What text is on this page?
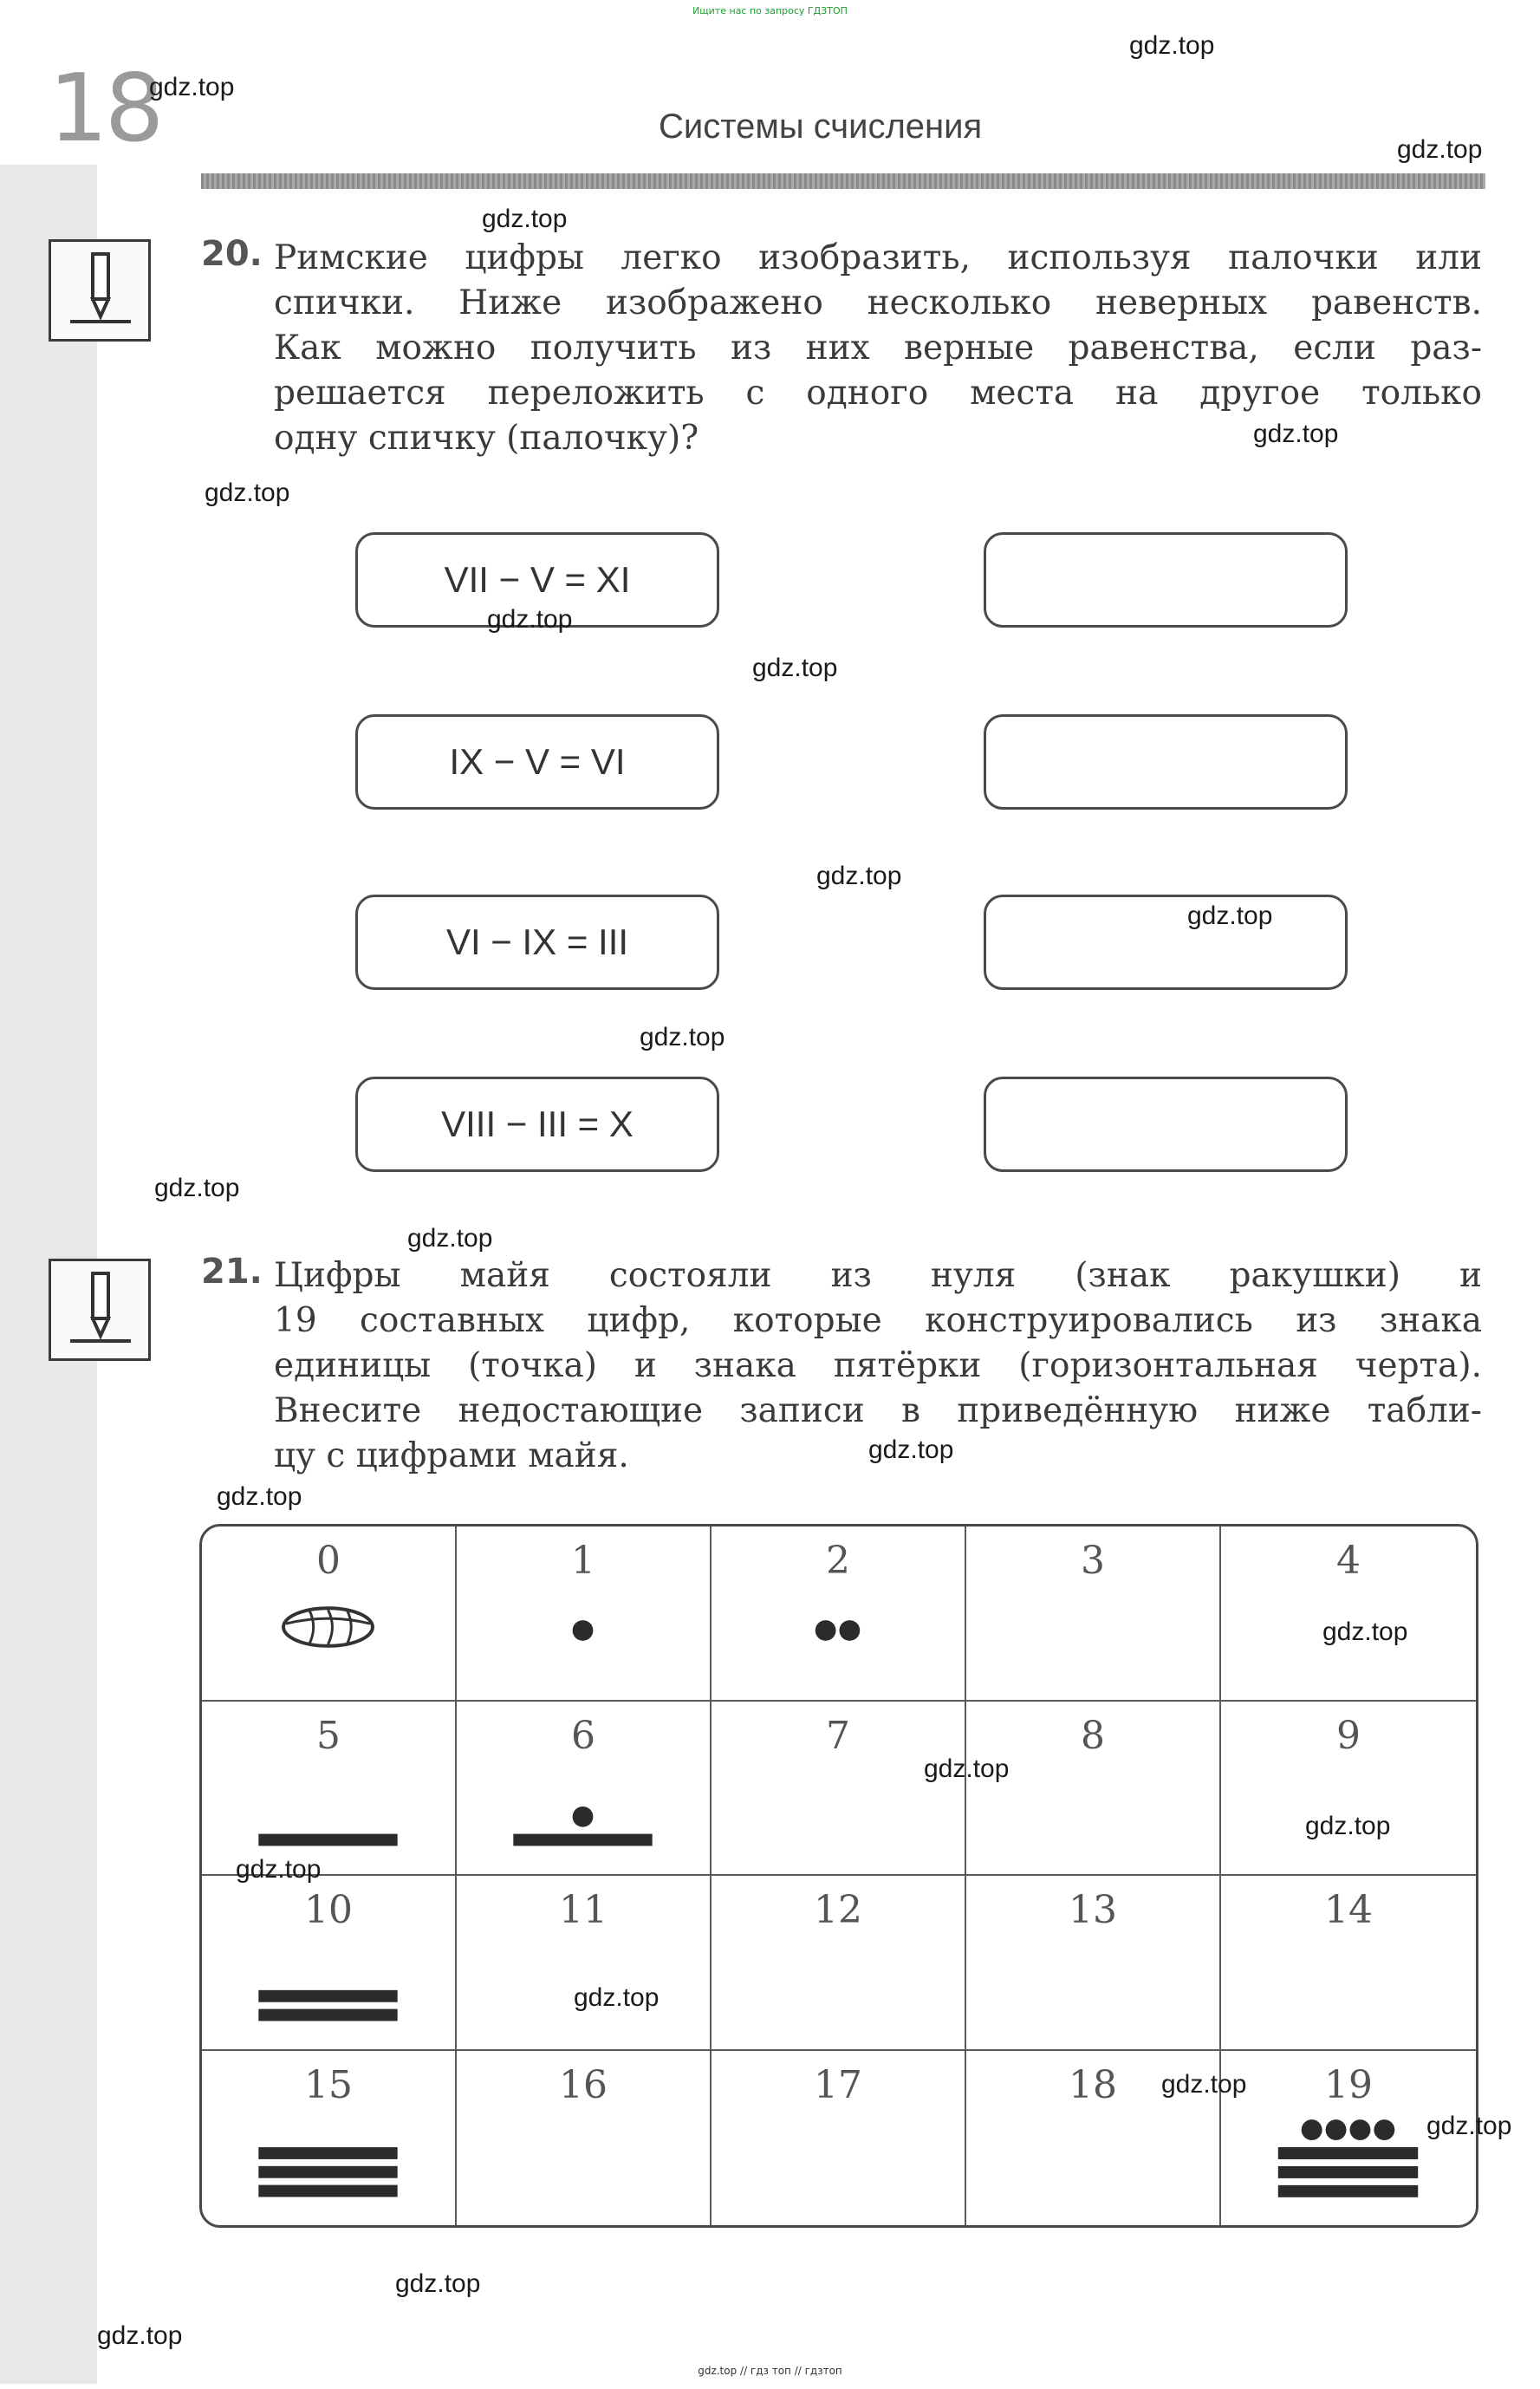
Ищите нас по запросу ГДЗТОП
18	Системы счисления
20. Римские цифры легко изобразить, используя палочки или
спички. Ниже изображено несколько неверных равенств.
Как можно получить из них верные равенства, если раз-
решается переложить с одного места на другое только
одну спичку (палочку)?
VII − V = XI
IX − V = VI
VI − IX = III
VIII − III = X
21. Цифры майя состояли из нуля (знак ракушки) и
19 составных цифр, которые конструировались из знака
единицы (точка) и знака пятёрки (горизонтальная черта).
Внесите недостающие записи в приведённую ниже табли-
цу с цифрами майя.
0	1	2	3	4
5	6	7	8	9
10	11	12	13	14
15	16	17	18	19
gdz.top
gdz.top
gdz.top
gdz.top
gdz.top
gdz.top
gdz.top
gdz.top
gdz.top
gdz.top
gdz.top
gdz.top
gdz.top
gdz.top
gdz.top
gdz.top
gdz.top
gdz.top
gdz.top
gdz.top
gdz.top
gdz.top
gdz.top
gdz.top
gdz.top // гдз топ // гдзтоп
